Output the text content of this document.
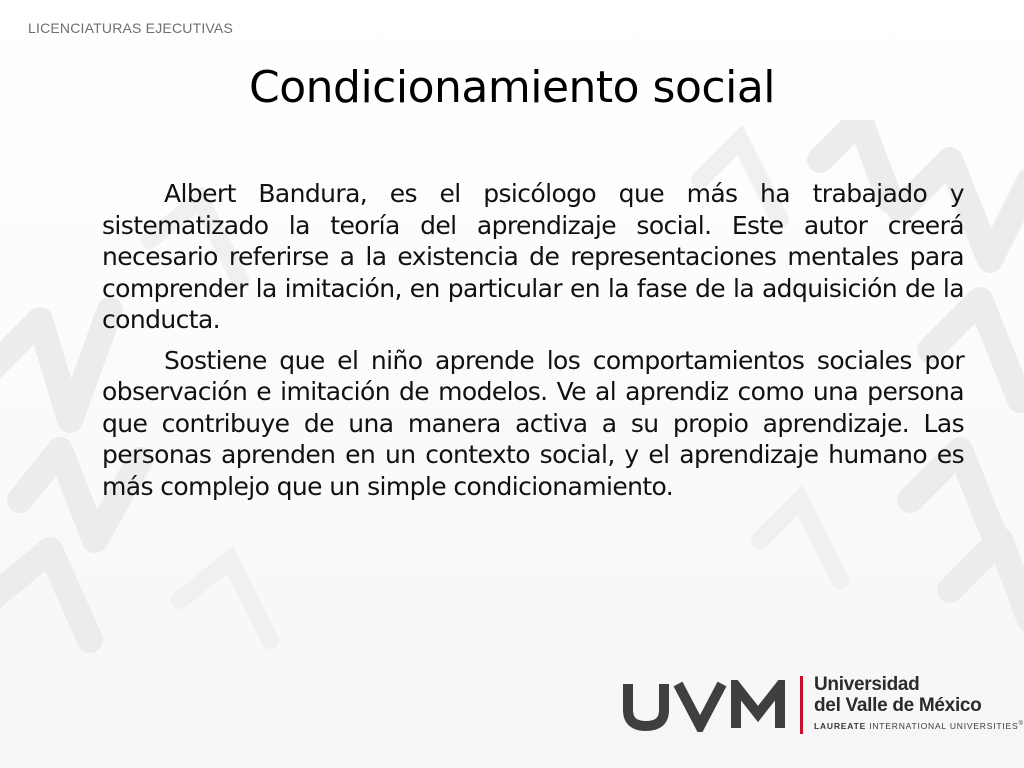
LICENCIATURAS EJECUTIVAS
Condicionamiento social

Albert Bandura, es el psicólogo que más ha trabajado y sistematizado la teoría del aprendizaje social. Este autor creerá necesario referirse a la existencia de representaciones mentales para comprender la imitación, en particular en la fase de la adquisición de la conducta.

Sostiene que el niño aprende los comportamientos sociales por observación e imitación de modelos. Ve al aprendiz como una persona que contribuye de una manera activa a su propio aprendizaje. Las personas aprenden en un contexto social, y el aprendizaje humano es más complejo que un simple condicionamiento.

Universidad
del Valle de México
LAUREATE INTERNATIONAL UNIVERSITIES®
